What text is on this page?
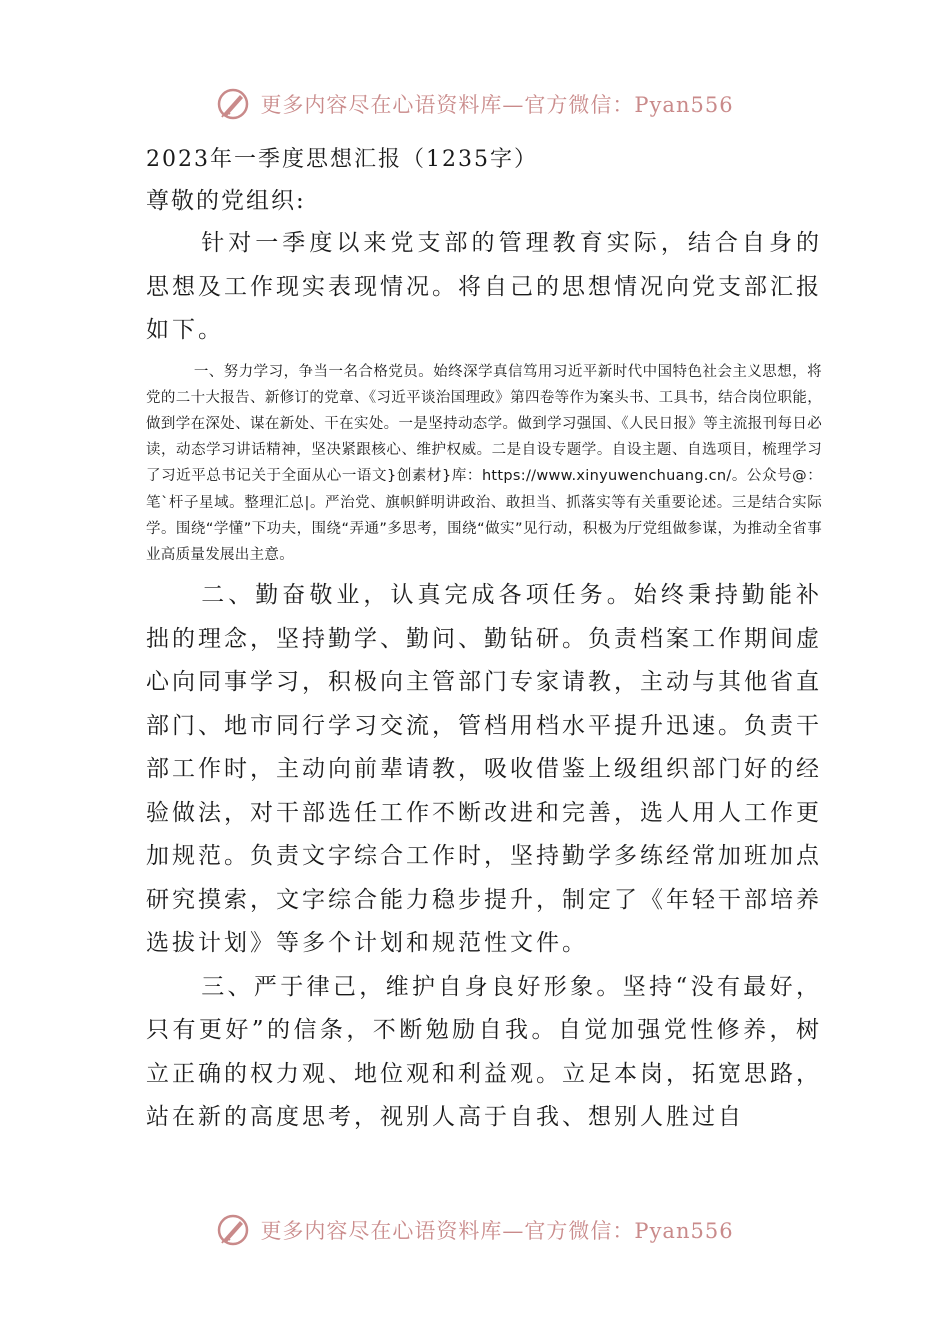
更多内容尽在心语资料库—官方微信：Pyan556

2023年一季度思想汇报（1235字）

尊敬的党组织:

针对一季度以来党支部的管理教育实际，结合自身的思想及工作现实表现情况。将自己的思想情况向党支部汇报如下。

一、努力学习，争当一名合格党员。始终深学真信笃用习近平新时代中国特色社会主义思想，将党的二十大报告、新修订的党章、《习近平谈治国理政》第四卷等作为案头书、工具书，结合岗位职能，做到学在深处、谋在新处、干在实处。一是坚持动态学。做到学习强国、《人民日报》等主流报刊每日必读，动态学习讲话精神，坚决紧跟核心、维护权威。二是自设专题学。自设主题、自选项目，梳理学习了习近平总书记关于全面从心一语文}创素材}库：https://www.xinyuwenchuang.cn/。公众号@：笔`杆子星域。整理汇总|。严治党、旗帜鲜明讲政治、敢担当、抓落实等有关重要论述。三是结合实际学。围绕“学懂”下功夫，围绕“弄通”多思考，围绕“做实”见行动，积极为厅党组做参谋，为推动全省事业高质量发展出主意。

二、勤奋敬业，认真完成各项任务。始终秉持勤能补拙的理念，坚持勤学、勤问、勤钻研。负责档案工作期间虚心向同事学习，积极向主管部门专家请教，主动与其他省直部门、地市同行学习交流，管档用档水平提升迅速。负责干部工作时，主动向前辈请教，吸收借鉴上级组织部门好的经验做法，对干部选任工作不断改进和完善，选人用人工作更加规范。负责文字综合工作时，坚持勤学多练经常加班加点研究摸索，文字综合能力稳步提升，制定了《年轻干部培养选拔计划》等多个计划和规范性文件。

三、严于律己，维护自身良好形象。坚持“没有最好，只有更好”的信条，不断勉励自我。自觉加强党性修养，树立正确的权力观、地位观和利益观。立足本岗，拓宽思路，站在新的高度思考，视别人高于自我、想别人胜过自

更多内容尽在心语资料库—官方微信：Pyan556
